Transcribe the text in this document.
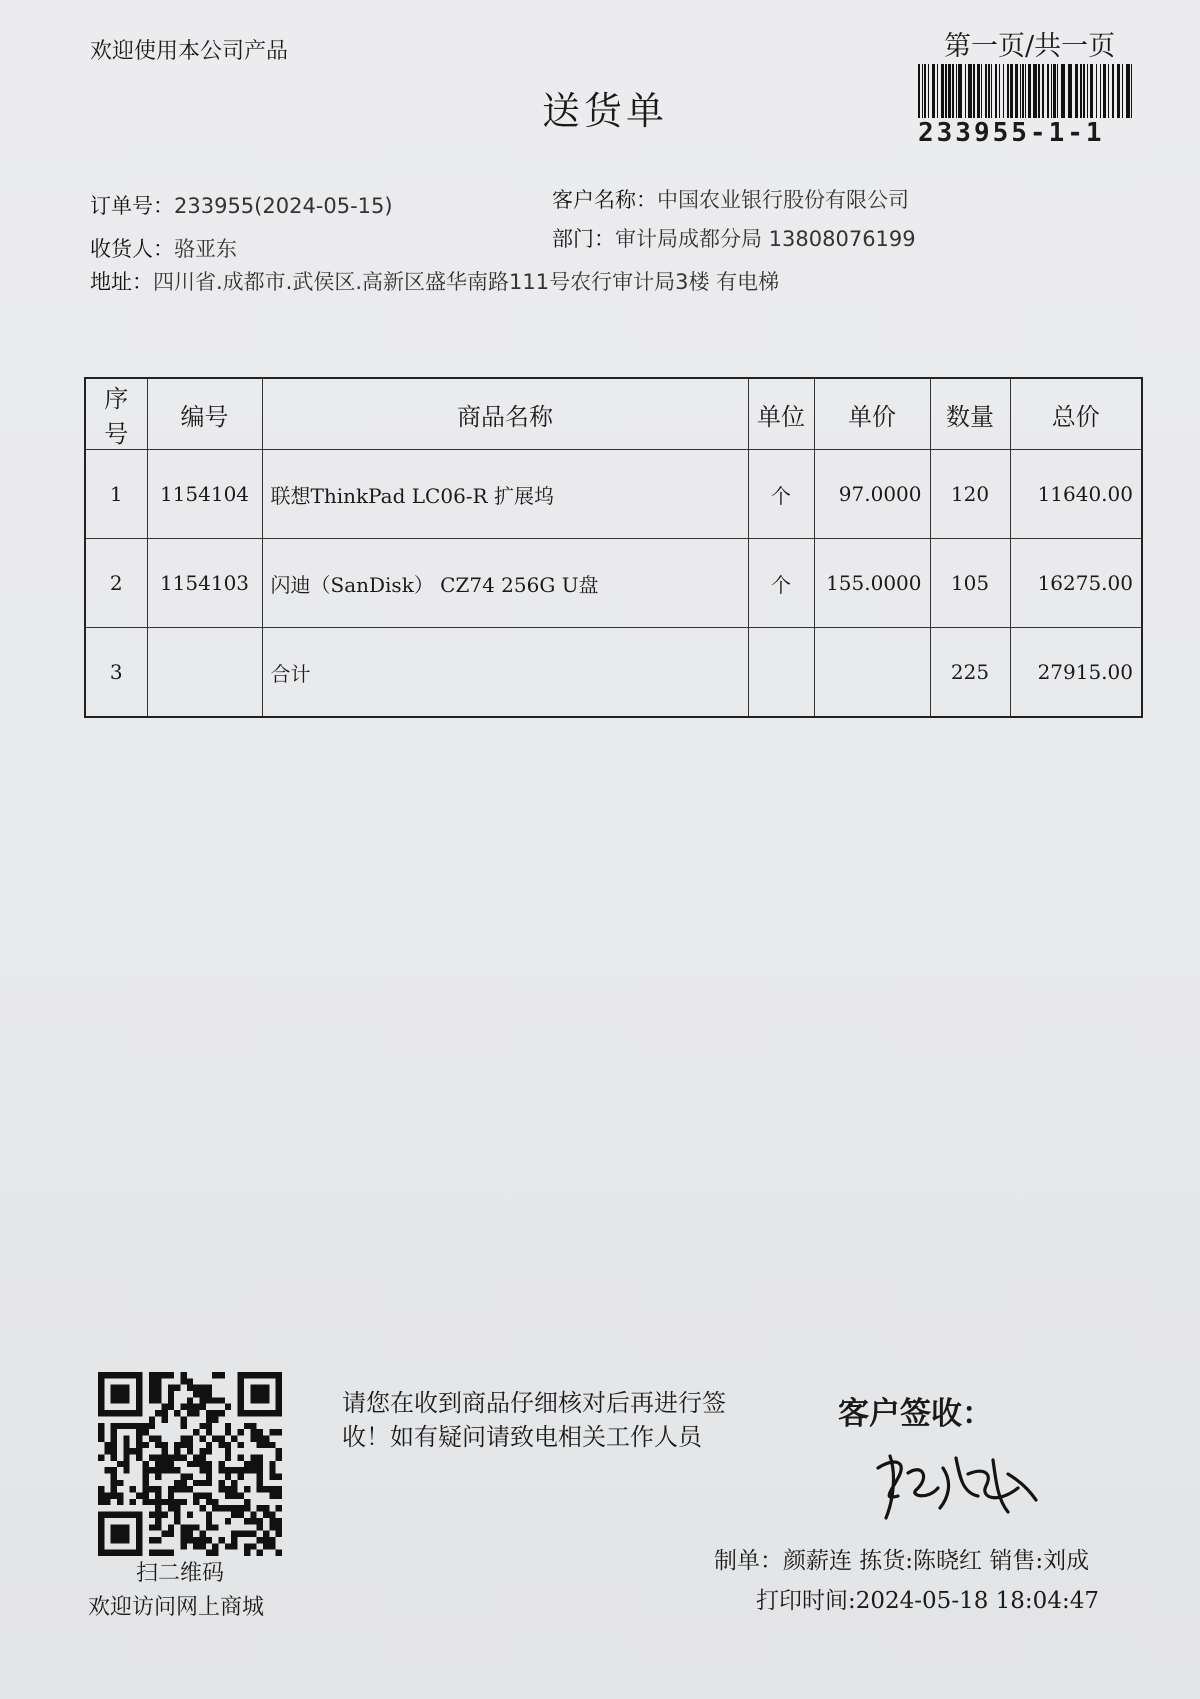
欢迎使用本公司产品	第一页/共一页
送货单	233955-1-1
订单号：233955(2024-05-15)
收货人：骆亚东
地址：四川省.成都市.武侯区.高新区盛华南路111号农行审计局3楼 有电梯
客户名称：中国农业银行股份有限公司
部门：审计局成都分局 13808076199
序号	编号	商品名称	单位	单价	数量	总价
1	1154104	联想ThinkPad LC06-R 扩展坞	个	97.0000	120	11640.00
2	1154103	闪迪（SanDisk） CZ74 256G U盘	个	155.0000	105	16275.00
3		合计			225	27915.00
扫二维码
欢迎访问网上商城
请您在收到商品仔细核对后再进行签收！如有疑问请致电相关工作人员
客户签收：
制单：颜薪连 拣货:陈晓红 销售:刘成
打印时间:2024-05-18 18:04:47
